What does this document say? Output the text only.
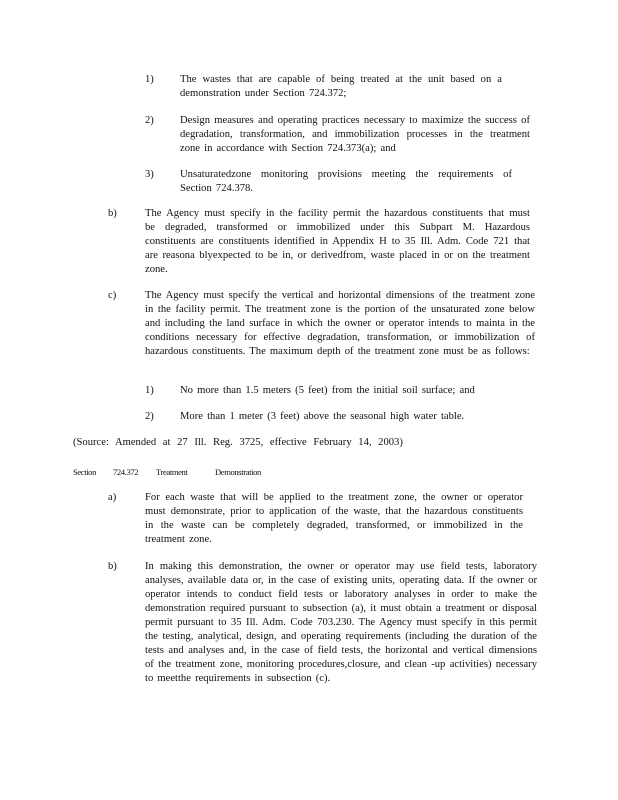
1) The wastes that are capable of being treated at the unit based on a demonstration under Section 724.372;
2) Design measures and operating practices necessary to maximize the success of degradation, transformation, and immobilization processes in the treatment zone in accordance with Section 724.373(a); and
3) Unsaturatedzone monitoring provisions meeting the requirements of Section 724.378.
b)	The Agency must specify in the facility permit the hazardous constituents that must be degraded, transformed or immobilized under this Subpart M. Hazardous constituents are constituents identified in Appendix H to 35 Ill. Adm. Code 721 that are reasona blyexpected to be in, or derivedfrom, waste placed in or on the treatment zone.
c)	The Agency must specify the vertical and horizontal dimensions of the treatment zone in the facility permit. The treatment zone is the portion of the unsaturated zone below and including the land surface in which the owner or operator intends to mainta in the conditions necessary for effective degradation, transformation, or immobilization of hazardous constituents. The maximum depth of the treatment zone must be as follows:
1) No more than 1.5 meters (5 feet) from the initial soil surface; and
2) More than 1 meter (3 feet) above the seasonal high water table.
(Source: Amended at 27 Ill. Reg. 3725, effective February 14, 2003)
Section 724.372 Treatment	Demonstration
a)	For each waste that will be applied to the treatment zone, the owner or operator must demonstrate, prior to application of the waste, that the hazardous constituents in the waste can be completely degraded, transformed, or immobilized in the treatment zone.
b)	In making this demonstration, the owner or operator may use field tests, laboratory analyses, available data or, in the case of existing units, operating data. If the owner or operator intends to conduct field tests or laboratory analyses in order to make the demonstration required pursuant to subsection (a), it must obtain a treatment or disposal permit pursuant to 35 Ill. Adm. Code 703.230. The Agency must specify in this permit the testing, analytical, design, and operating requirements (including the duration of the tests and analyses and, in the case of field tests, the horizontal and vertical dimensions of the treatment zone, monitoring procedures,closure, and clean -up activities) necessary to meetthe requirements in subsection (c).
